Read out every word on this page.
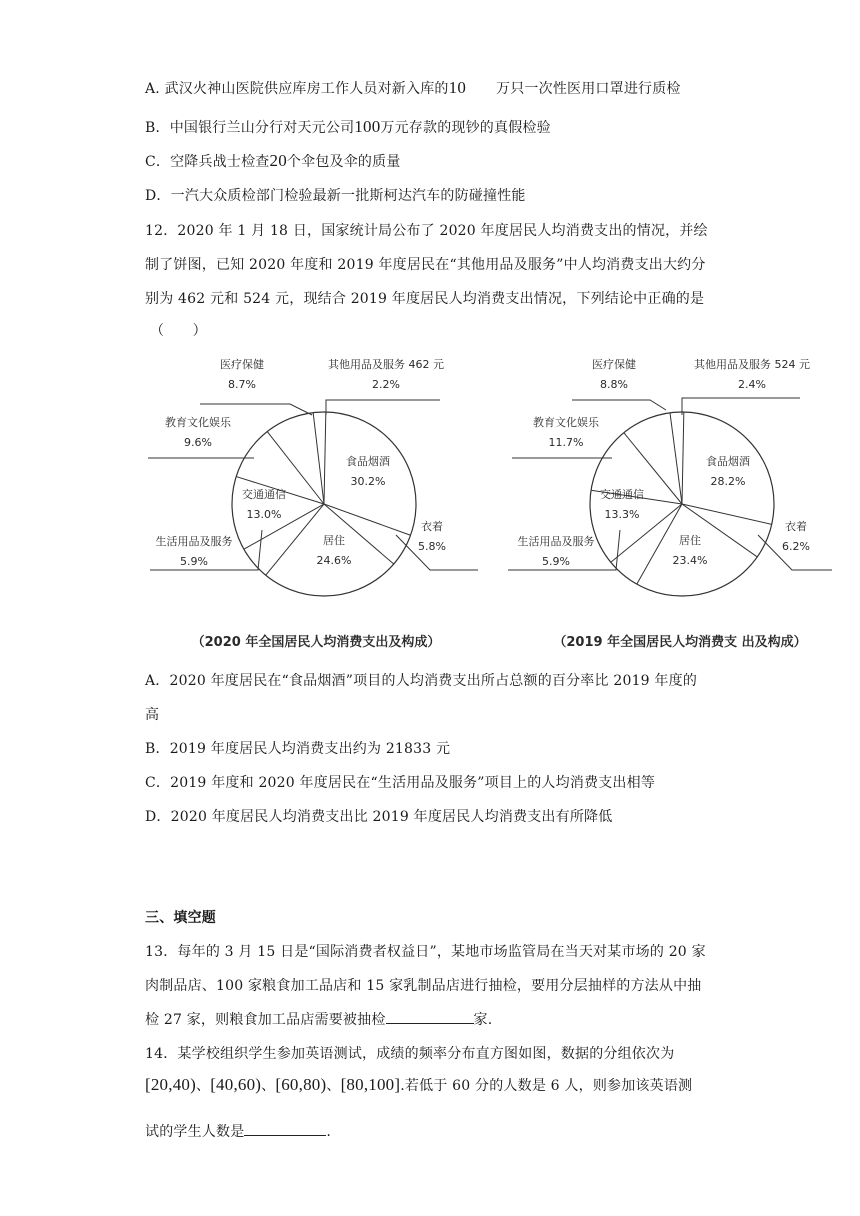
A. 武汉火神山医院供应库房工作人员对新入库的10 万只一次性医用口罩进行质检
B．中国银行兰山分行对天元公司100万元存款的现钞的真假检验
C．空降兵战士检查20个伞包及伞的质量
D．一汽大众质检部门检验最新一批斯柯达汽车的防碰撞性能
12．2020 年 1 月 18 日，国家统计局公布了 2020 年度居民人均消费支出的情况，并绘
制了饼图，已知 2020 年度和 2019 年度居民在“其他用品及服务”中人均消费支出大约分
别为 462 元和 524 元，现结合 2019 年度居民人均消费支出情况，下列结论中正确的是
（　　）
食品烟酒
30.2%
衣着
5.8%
居住
24.6%
生活用品及服务
5.9%
交通通信
13.0%
教育文化娱乐
9.6%
医疗保健
8.7%
其他用品及服务 462 元
2.2%
（2020 年全国居民人均消费支出及构成）
食品烟酒
28.2%
衣着
6.2%
居住
23.4%
生活用品及服务
5.9%
交通通信
13.3%
教育文化娱乐
11.7%
医疗保健
8.8%
其他用品及服务 524 元
2.4%
（2019 年全国居民人均消费支 出及构成）
A．2020 年度居民在“食品烟酒”项目的人均消费支出所占总额的百分率比 2019 年度的
高
B．2019 年度居民人均消费支出约为 21833 元
C．2019 年度和 2020 年度居民在“生活用品及服务”项目上的人均消费支出相等
D．2020 年度居民人均消费支出比 2019 年度居民人均消费支出有所降低
三、填空题
13．每年的 3 月 15 日是“国际消费者权益日”，某地市场监管局在当天对某市场的 20 家
肉制品店、100 家粮食加工品店和 15 家乳制品店进行抽检，要用分层抽样的方法从中抽
检 27 家，则粮食加工品店需要被抽检	家.
14．某学校组织学生参加英语测试，成绩的频率分布直方图如图，数据的分组依次为
[20,40)、[40,60)、[60,80)、[80,100].若低于 60 分的人数是 6 人，则参加该英语测
试的学生人数是	.
